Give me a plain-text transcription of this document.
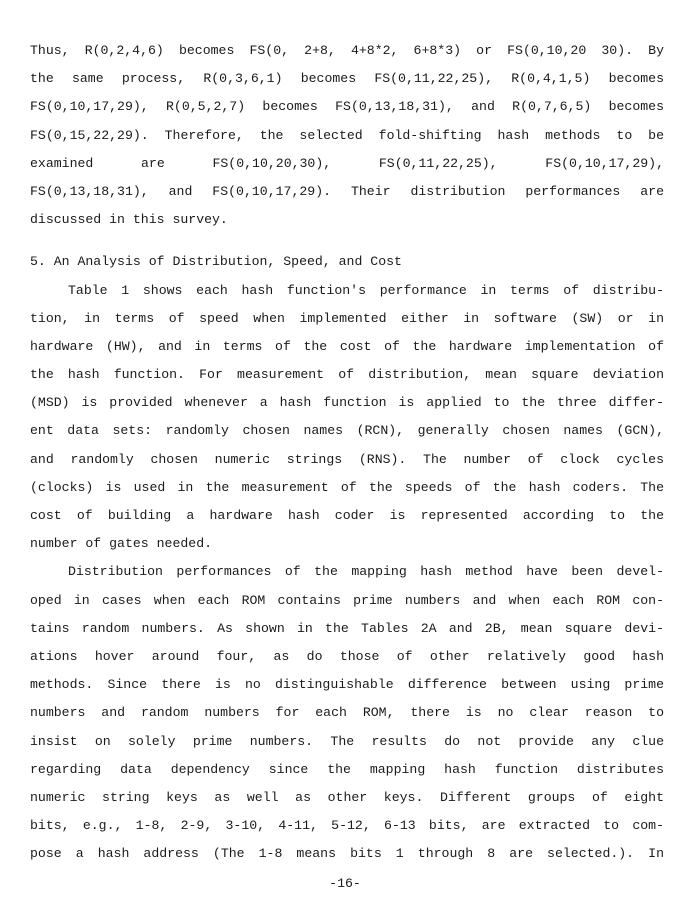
Thus, R(0,2,4,6) becomes FS(0, 2+8, 4+8*2, 6+8*3) or FS(0,10,20 30). By
the same process, R(0,3,6,1) becomes FS(0,11,22,25), R(0,4,1,5) becomes
FS(0,10,17,29), R(0,5,2,7) becomes FS(0,13,18,31), and R(0,7,6,5) becomes
FS(0,15,22,29). Therefore, the selected fold-shifting hash methods to be
examined are FS(0,10,20,30), FS(0,11,22,25), FS(0,10,17,29),
FS(0,13,18,31), and FS(0,10,17,29). Their distribution performances are
discussed in this survey.
5. An Analysis of Distribution, Speed, and Cost
Table 1 shows each hash function's performance in terms of distribu-
tion, in terms of speed when implemented either in software (SW) or in
hardware (HW), and in terms of the cost of the hardware implementation of
the hash function. For measurement of distribution, mean square deviation
(MSD) is provided whenever a hash function is applied to the three differ-
ent data sets: randomly chosen names (RCN), generally chosen names (GCN),
and randomly chosen numeric strings (RNS). The number of clock cycles
(clocks) is used in the measurement of the speeds of the hash coders. The
cost of building a hardware hash coder is represented according to the
number of gates needed.
Distribution performances of the mapping hash method have been devel-
oped in cases when each ROM contains prime numbers and when each ROM con-
tains random numbers. As shown in the Tables 2A and 2B, mean square devi-
ations hover around four, as do those of other relatively good hash
methods. Since there is no distinguishable difference between using prime
numbers and random numbers for each ROM, there is no clear reason to
insist on solely prime numbers. The results do not provide any clue
regarding data dependency since the mapping hash function distributes
numeric string keys as well as other keys. Different groups of eight
bits, e.g., 1-8, 2-9, 3-10, 4-11, 5-12, 6-13 bits, are extracted to com-
pose a hash address (The 1-8 means bits 1 through 8 are selected.). In
-16-
